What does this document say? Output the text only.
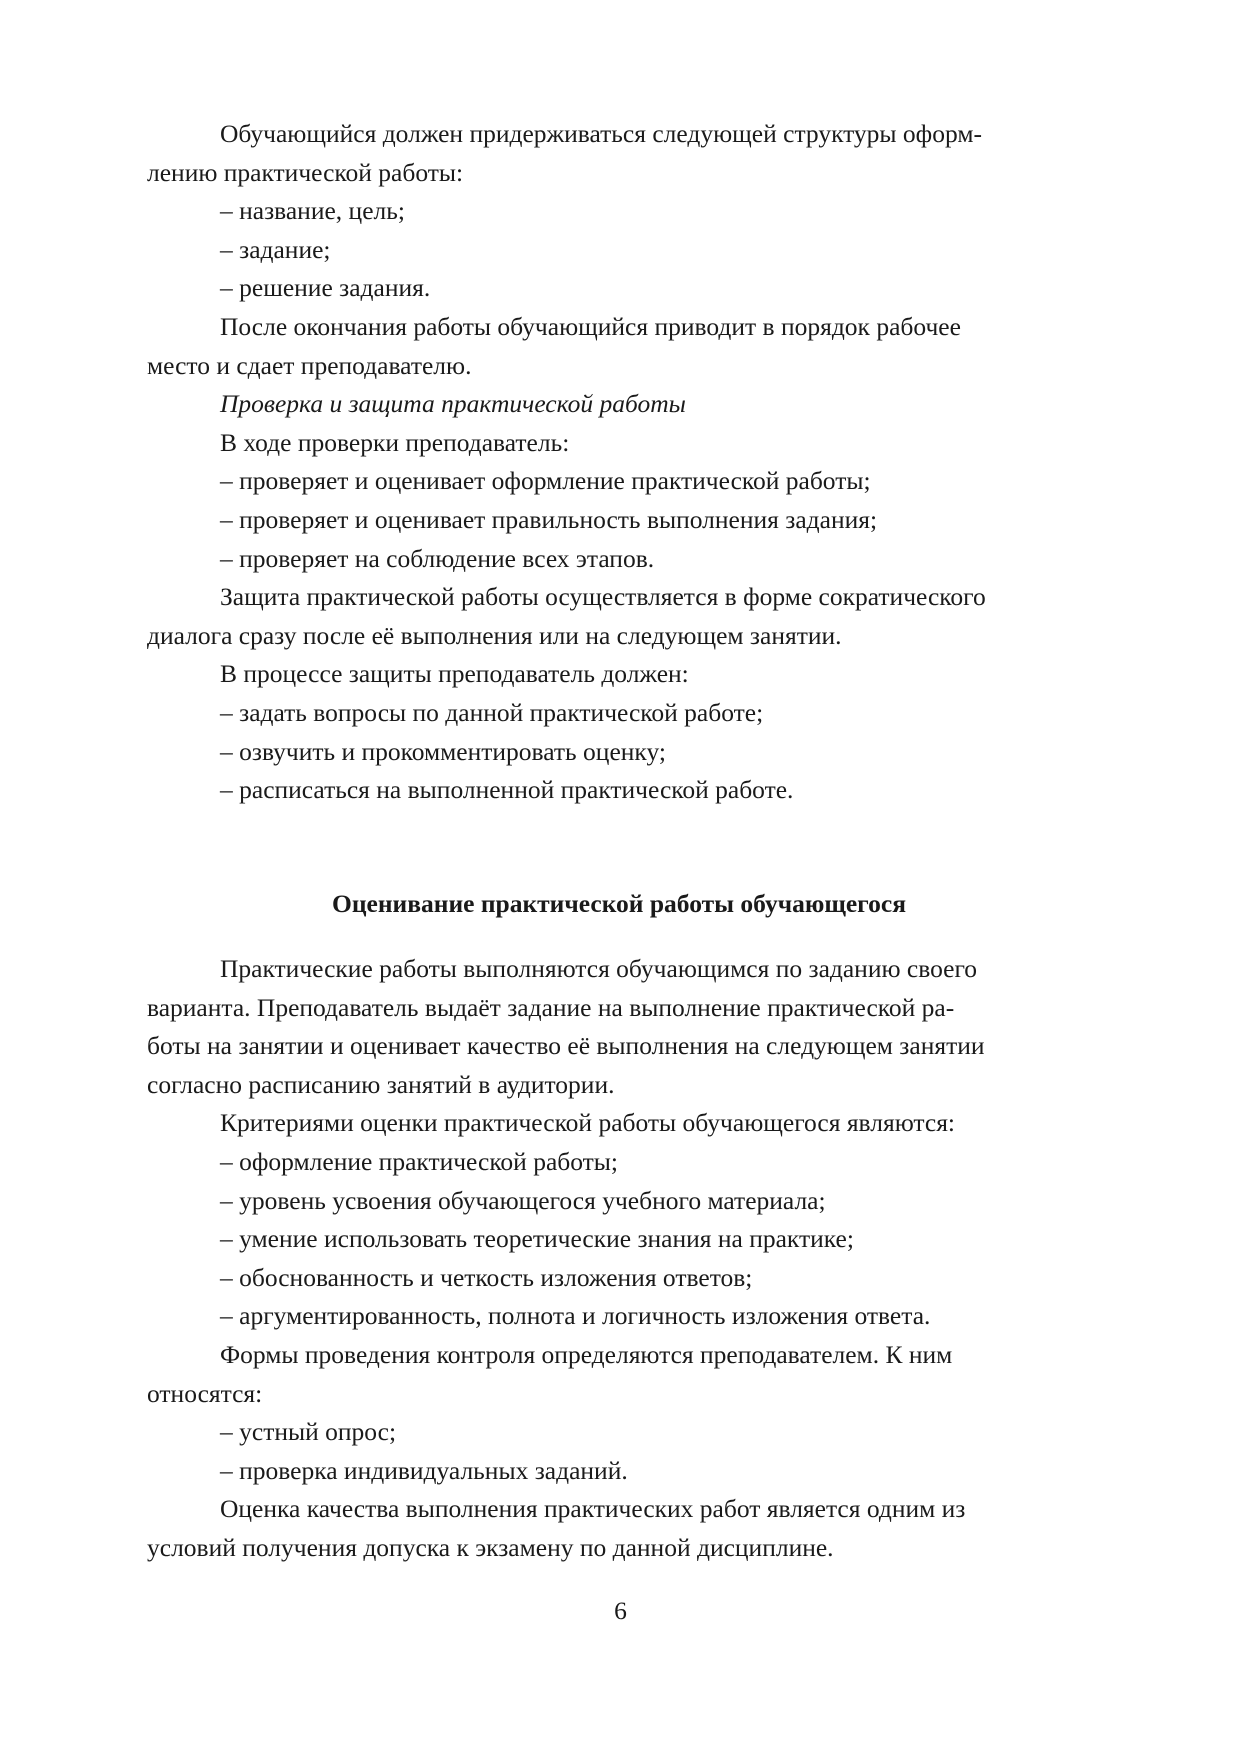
Обучающийся должен придерживаться следующей структуры оформ-

лению практической работы:

– название, цель;

– задание;

– решение задания.

После окончания работы обучающийся приводит в порядок рабочее

место и сдает преподавателю.

Проверка и защита практической работы

В ходе проверки преподаватель:

– проверяет и оценивает оформление практической работы;

– проверяет и оценивает правильность выполнения задания;

– проверяет на соблюдение всех этапов.

Защита практической работы осуществляется в форме сократического

диалога сразу после её выполнения или на следующем занятии.

В процессе защиты преподаватель должен:

– задать вопросы по данной практической работе;

– озвучить и прокомментировать оценку;

– расписаться на выполненной практической работе.

Оценивание практической работы обучающегося

Практические работы выполняются обучающимся по заданию своего

варианта. Преподаватель выдаёт задание на выполнение практической ра-

боты на занятии и оценивает качество её выполнения на следующем занятии

согласно расписанию занятий в аудитории.

Критериями оценки практической работы обучающегося являются:

– оформление практической работы;

– уровень усвоения обучающегося учебного материала;

– умение использовать теоретические знания на практике;

– обоснованность и четкость изложения ответов;

– аргументированность, полнота и логичность изложения ответа.

Формы проведения контроля определяются преподавателем. К ним

относятся:

– устный опрос;

– проверка индивидуальных заданий.

Оценка качества выполнения практических работ является одним из

условий получения допуска к экзамену по данной дисциплине.

6
